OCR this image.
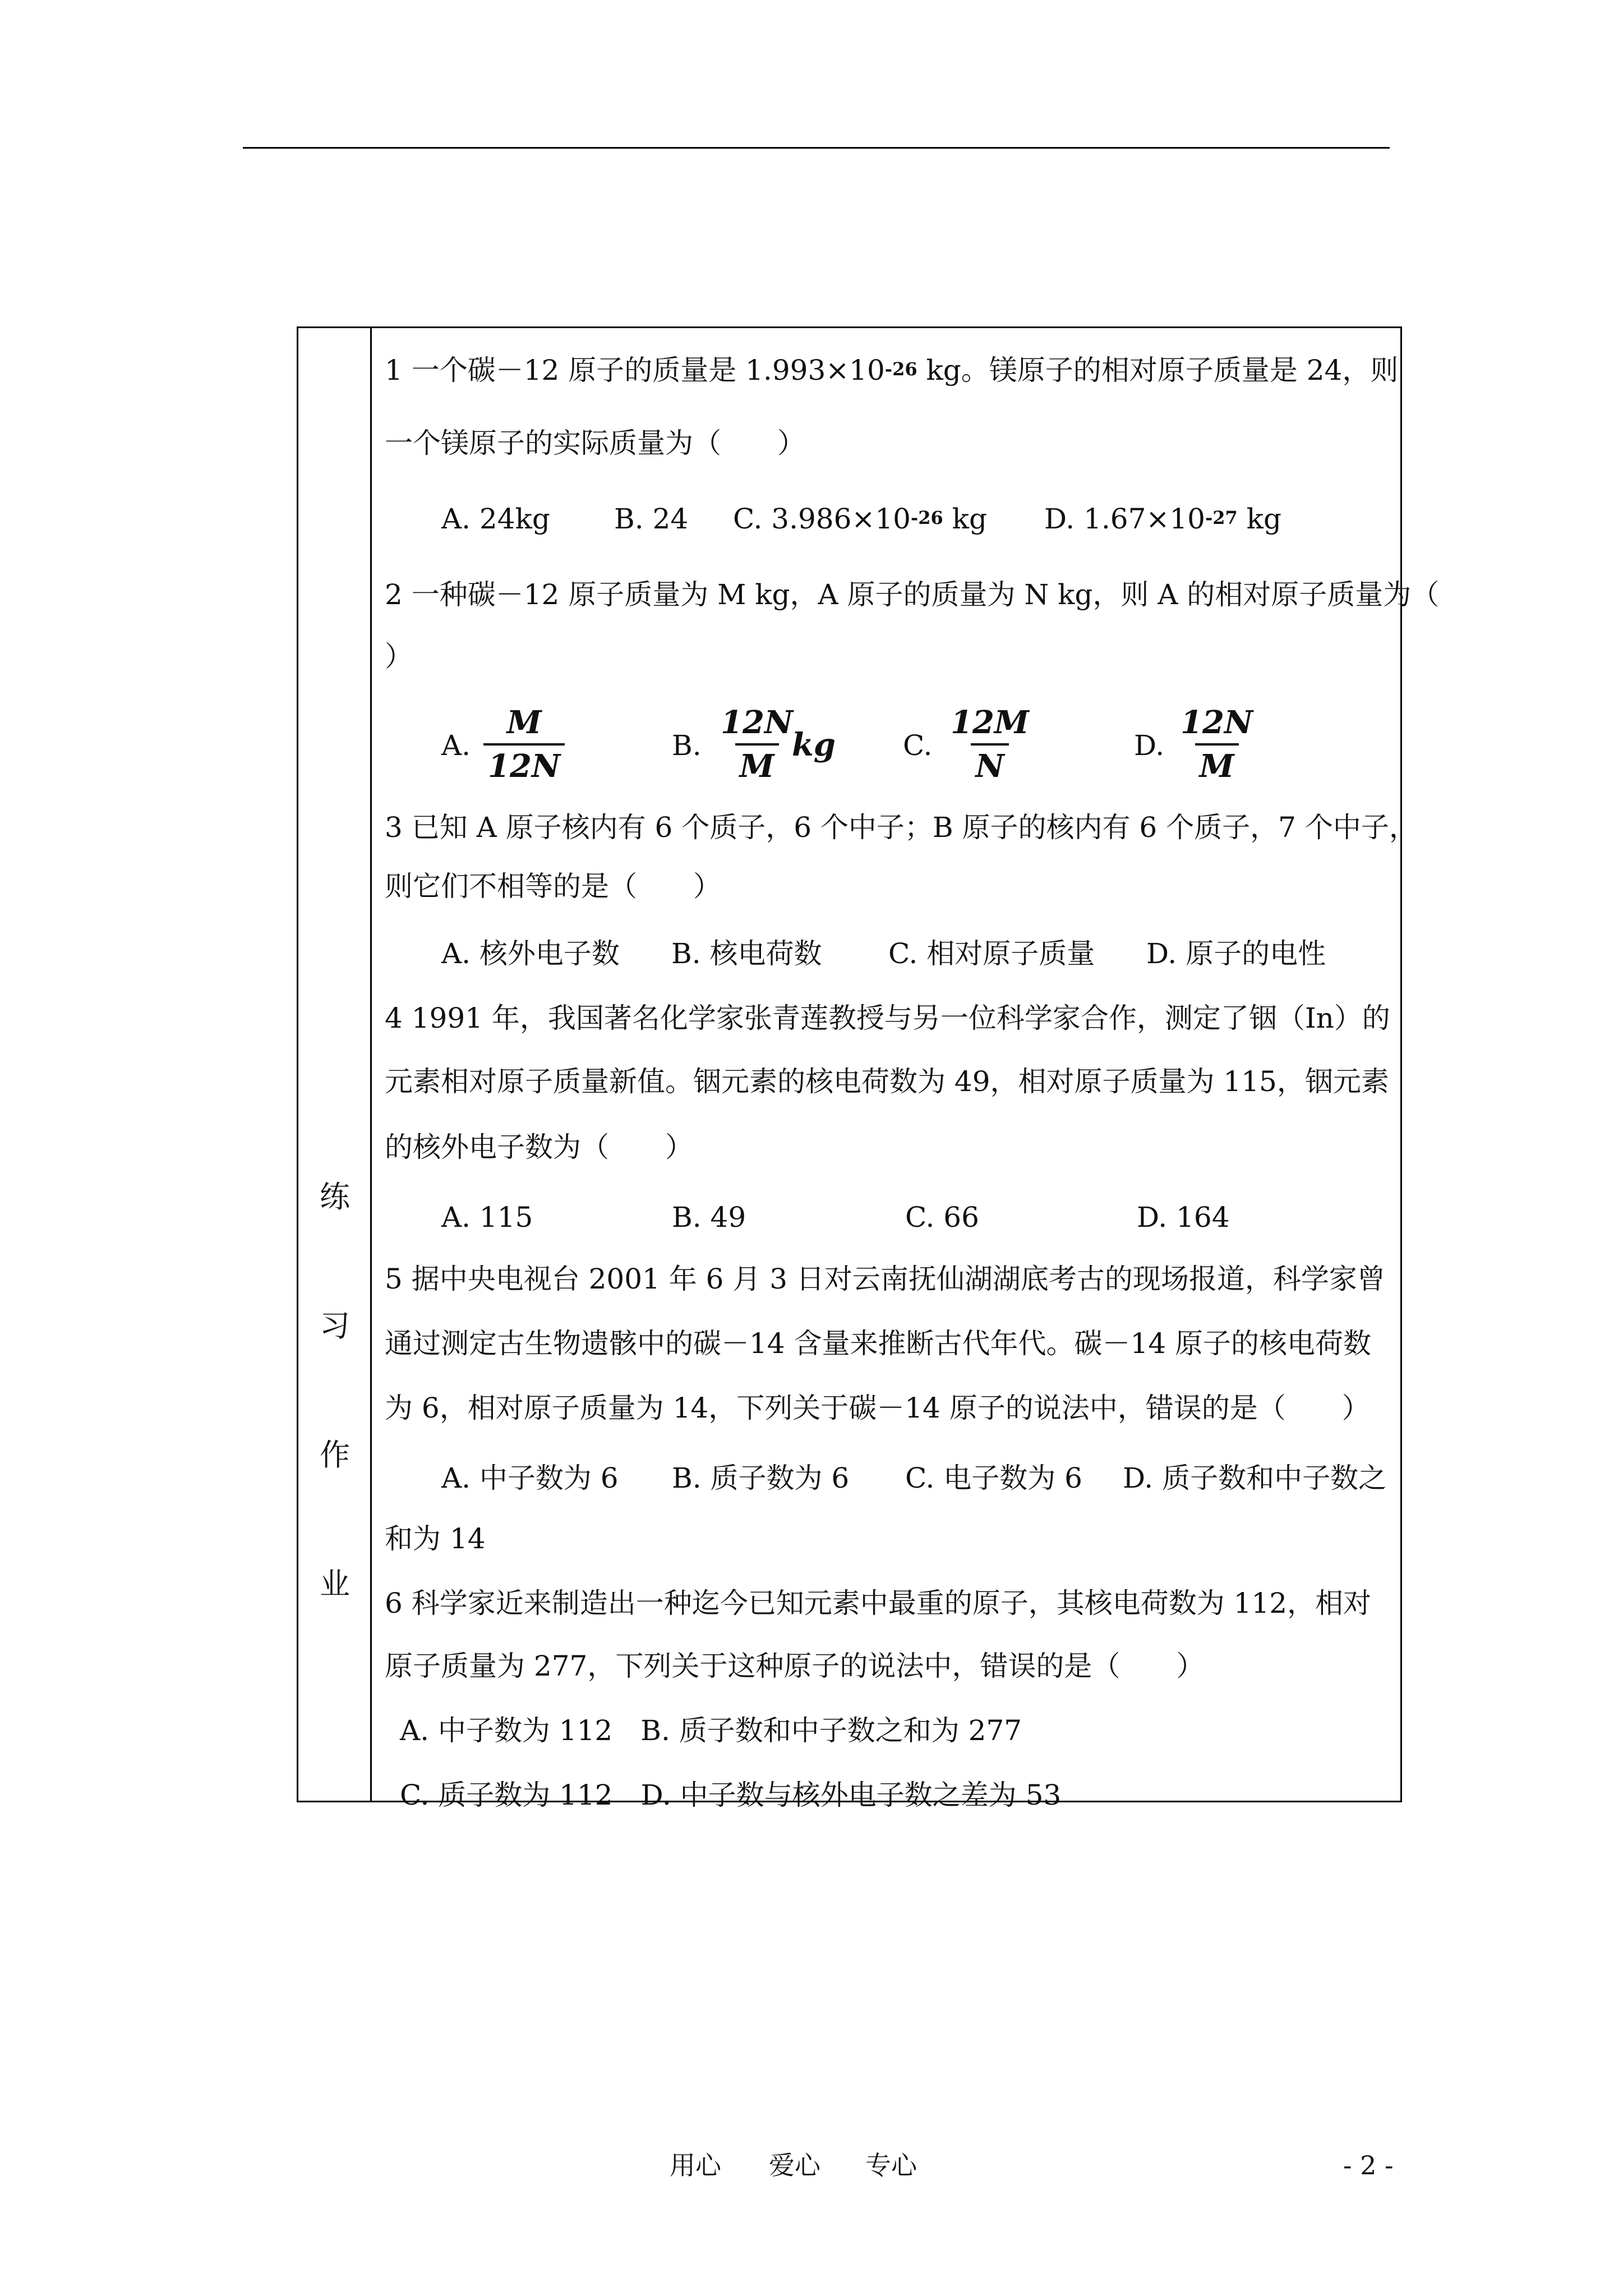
练
习
作
业
1 一个碳－12 原子的质量是 $1.993\times 10^{-26}$ kg。镁原子的相对原子质量是 24，则
一个镁原子的实际质量为（　　）
A. 24kg B. 24 C. $3.986\times 10^{-26}$ kg D. $1.67\times 10^{-27}$ kg
2 一种碳－12 原子质量为 M kg，A 原子的质量为 N kg，则 A 的相对原子质量为（
）
A. $\frac{M}{12N}$	B. $\frac{12N}{M}$
kg C. $\frac{12M}{N}$	D. $\frac{12N}{M}$
3 已知 A 原子核内有 6 个质子，6 个中子；B 原子的核内有 6 个质子，7 个中子，
则它们不相等的是（　　）
A. 核外电子数 B. 核电荷数 C. 相对原子质量 D. 原子的电性
4 1991 年，我国著名化学家张青莲教授与另一位科学家合作，测定了铟（In）的
元素相对原子质量新值。铟元素的核电荷数为 49，相对原子质量为 115，铟元素
的核外电子数为（　　）
A. 115	B. 49	C. 66	D. 164
5 据中央电视台 2001 年 6 月 3 日对云南抚仙湖湖底考古的现场报道，科学家曾
通过测定古生物遗骸中的碳－14 含量来推断古代年代。碳－14 原子的核电荷数
为 6，相对原子质量为 14，下列关于碳－14 原子的说法中，错误的是（　　）
A. 中子数为 6 B. 质子数为 6 C. 电子数为 6 D. 质子数和中子数之
和为 14
6 科学家近来制造出一种迄今已知元素中最重的原子，其核电荷数为 112，相对
原子质量为 277，下列关于这种原子的说法中，错误的是（　　）
A. 中子数为 112　B. 质子数和中子数之和为 277
C. 质子数为 112　D. 中子数与核外电子数之差为 53
用心 爱心 专心	- 2 -
